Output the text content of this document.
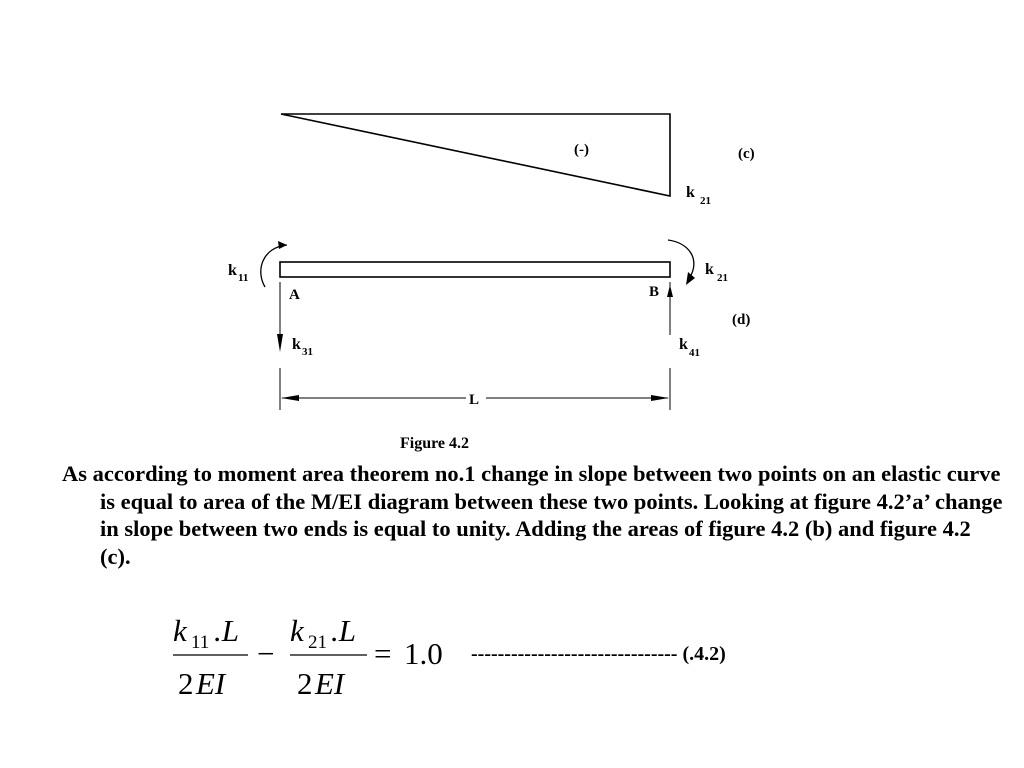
(-)	(c)
k 21
k 11	k 21
A	B
(d)
k 31	k 41
L
Figure 4.2
k 11 .L
2 EI
−
k 21 .L
2 EI
= 1.0 ------------------------------- (.4.2)

As according to moment area theorem no.1 change in slope between two points on an elastic curve is equal to area of the M/EI diagram between these two points. Looking at figure 4.2’a’ change in slope between two ends is equal to unity. Adding the areas of figure 4.2 (b) and figure 4.2 (c).
